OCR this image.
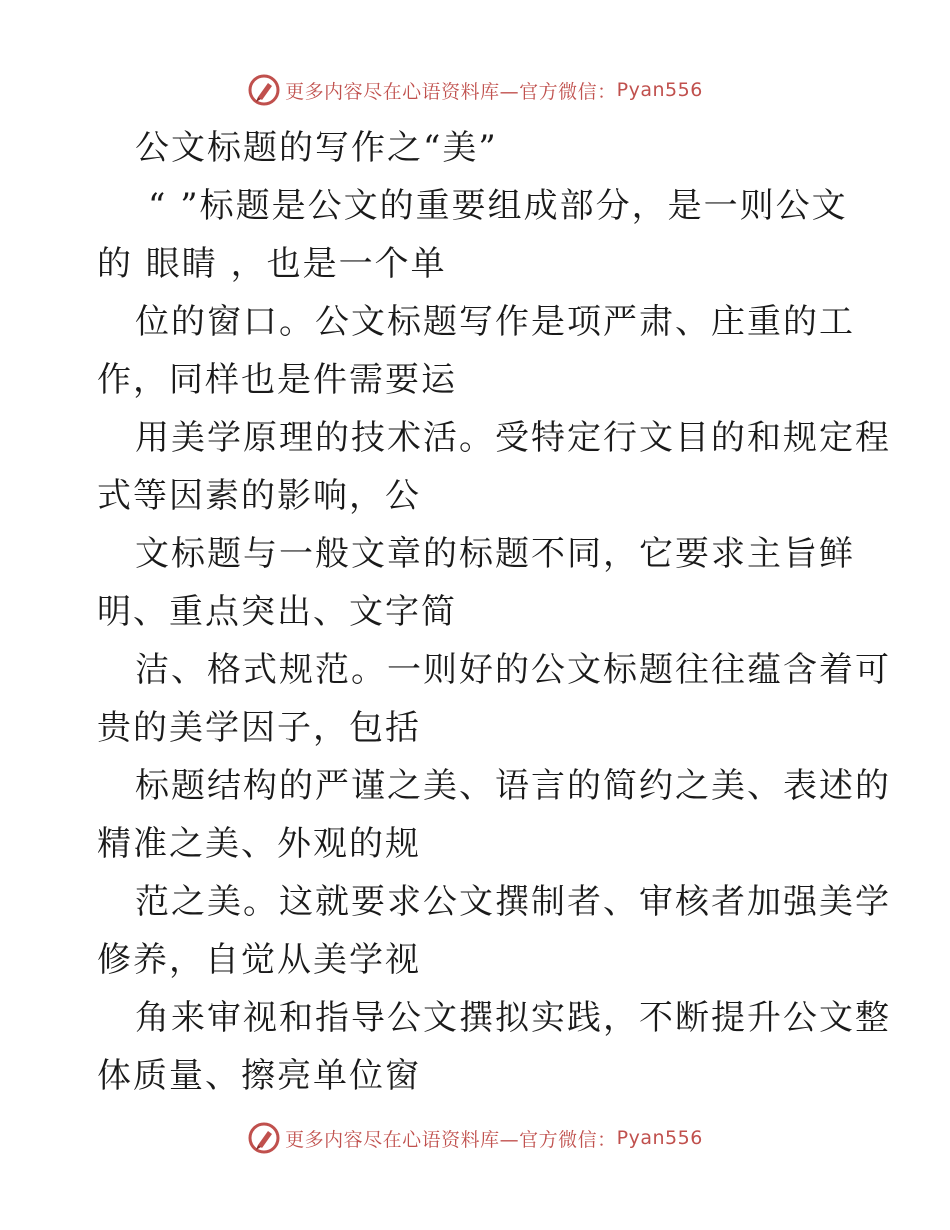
更多内容尽在心语资料库—官方微信： Pyan556
公文标题的写作之“美”
“ ”标题是公文的重要组成部分，是一则公文
的 眼睛 ，也是一个单
位的窗口。公文标题写作是项严肃、庄重的工
作，同样也是件需要运
用美学原理的技术活。受特定行文目的和规定程
式等因素的影响，公
文标题与一般文章的标题不同，它要求主旨鲜
明、重点突出、文字简
洁、格式规范。一则好的公文标题往往蕴含着可
贵的美学因子，包括
标题结构的严谨之美、语言的简约之美、表述的
精准之美、外观的规
范之美。这就要求公文撰制者、审核者加强美学
修养，自觉从美学视
角来审视和指导公文撰拟实践，不断提升公文整
体质量、擦亮单位窗
更多内容尽在心语资料库—官方微信： Pyan556
